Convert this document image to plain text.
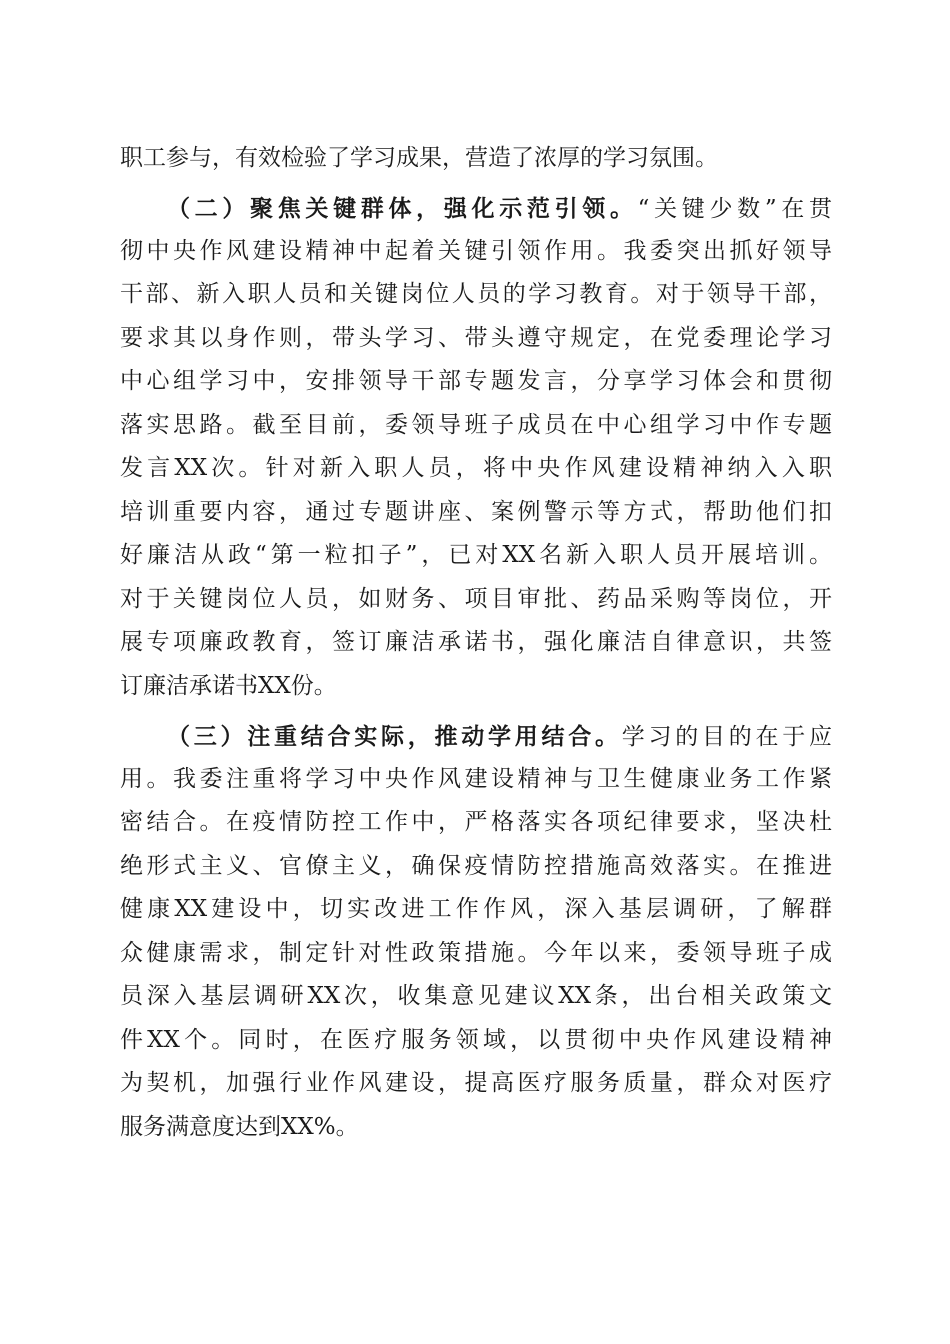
职工参与，有效检验了学习成果，营造了浓厚的学习氛围。

（二）聚焦关键群体，强化示范引领。“关键少数”在贯

彻中央作风建设精神中起着关键引领作用。我委突出抓好领导

干部、新入职人员和关键岗位人员的学习教育。对于领导干部，

要求其以身作则，带头学习、带头遵守规定，在党委理论学习

中心组学习中，安排领导干部专题发言，分享学习体会和贯彻

落实思路。截至目前，委领导班子成员在中心组学习中作专题

发言XX次。针对新入职人员，将中央作风建设精神纳入入职

培训重要内容，通过专题讲座、案例警示等方式，帮助他们扣

好廉洁从政“第一粒扣子”，已对XX名新入职人员开展培训。

对于关键岗位人员，如财务、项目审批、药品采购等岗位，开

展专项廉政教育，签订廉洁承诺书，强化廉洁自律意识，共签

订廉洁承诺书XX份。

（三）注重结合实际，推动学用结合。学习的目的在于应

用。我委注重将学习中央作风建设精神与卫生健康业务工作紧

密结合。在疫情防控工作中，严格落实各项纪律要求，坚决杜

绝形式主义、官僚主义，确保疫情防控措施高效落实。在推进

健康XX建设中，切实改进工作作风，深入基层调研，了解群

众健康需求，制定针对性政策措施。今年以来，委领导班子成

员深入基层调研XX次，收集意见建议XX条，出台相关政策文

件XX个。同时，在医疗服务领域，以贯彻中央作风建设精神

为契机，加强行业作风建设，提高医疗服务质量，群众对医疗

服务满意度达到XX%。
